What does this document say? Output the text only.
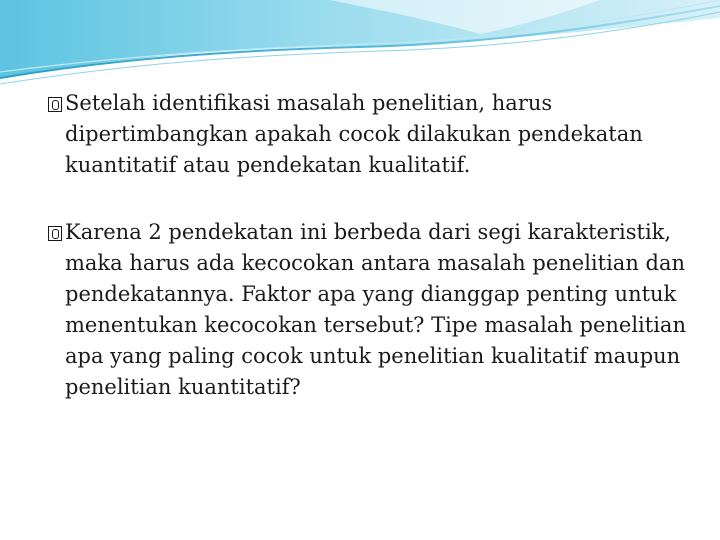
Setelah identifikasi masalah penelitian, harus dipertimbangkan apakah cocok dilakukan pendekatan kuantitatif atau pendekatan kualitatif.

Karena 2 pendekatan ini berbeda dari segi karakteristik, maka harus ada kecocokan antara masalah penelitian dan pendekatannya. Faktor apa yang dianggap penting untuk menentukan kecocokan tersebut? Tipe masalah penelitian apa yang paling cocok untuk penelitian kualitatif maupun penelitian kuantitatif?
